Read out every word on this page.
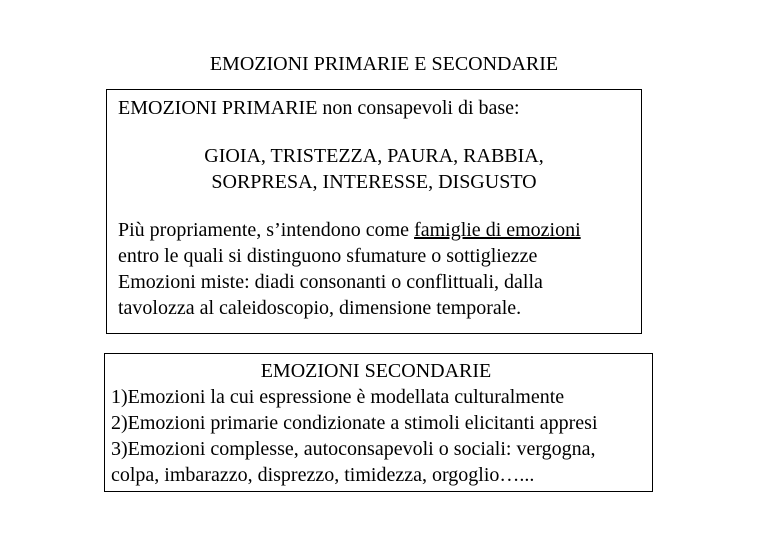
EMOZIONI PRIMARIE E SECONDARIE
EMOZIONI PRIMARIE non consapevoli di base:
GIOIA, TRISTEZZA, PAURA, RABBIA,
SORPRESA, INTERESSE, DISGUSTO
Più propriamente, s’intendono come famiglie di emozioni
entro le quali si distinguono sfumature o sottigliezze
Emozioni miste: diadi consonanti o conflittuali, dalla
tavolozza al caleidoscopio, dimensione temporale.
EMOZIONI SECONDARIE
1)Emozioni la cui espressione è modellata culturalmente
2)Emozioni primarie condizionate a stimoli elicitanti appresi
3)Emozioni complesse, autoconsapevoli o sociali: vergogna,
colpa, imbarazzo, disprezzo, timidezza, orgoglio…...
